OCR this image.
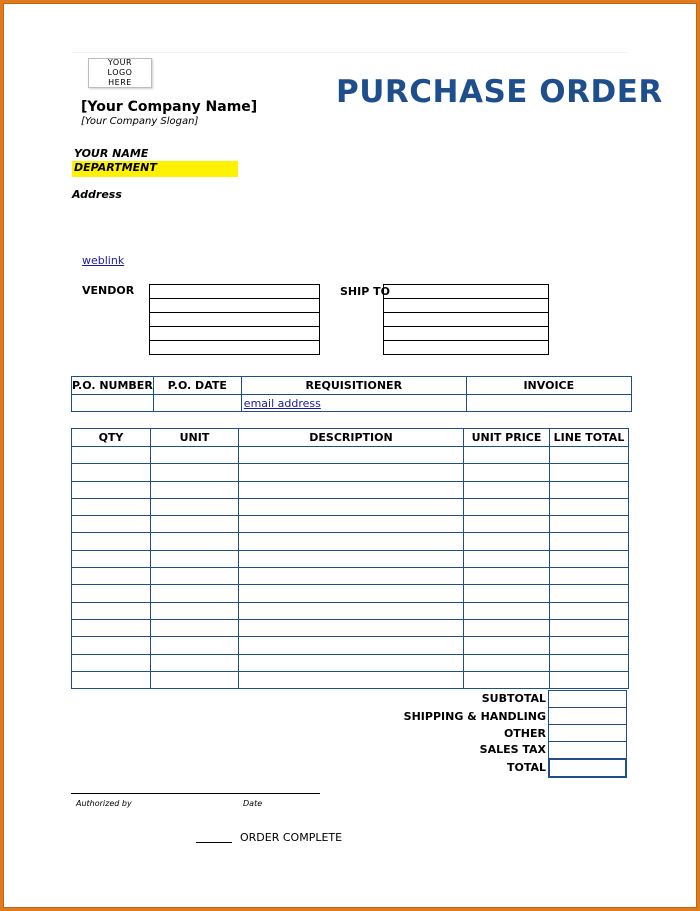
YOUR LOGO HERE	PURCHASE ORDER
[Your Company Name]
[Your Company Slogan]
YOUR NAME
DEPARTMENT
Address
weblink
VENDOR	SHIP TO

P.O. NUMBER	P.O. DATE	REQUISITIONER	INVOICE
		email address	
QTY	UNIT	DESCRIPTION	UNIT PRICE	LINE TOTAL

SUBTOTAL
SHIPPING & HANDLING
OTHER
SALES TAX
TOTAL
Authorized by	Date
ORDER COMPLETE
